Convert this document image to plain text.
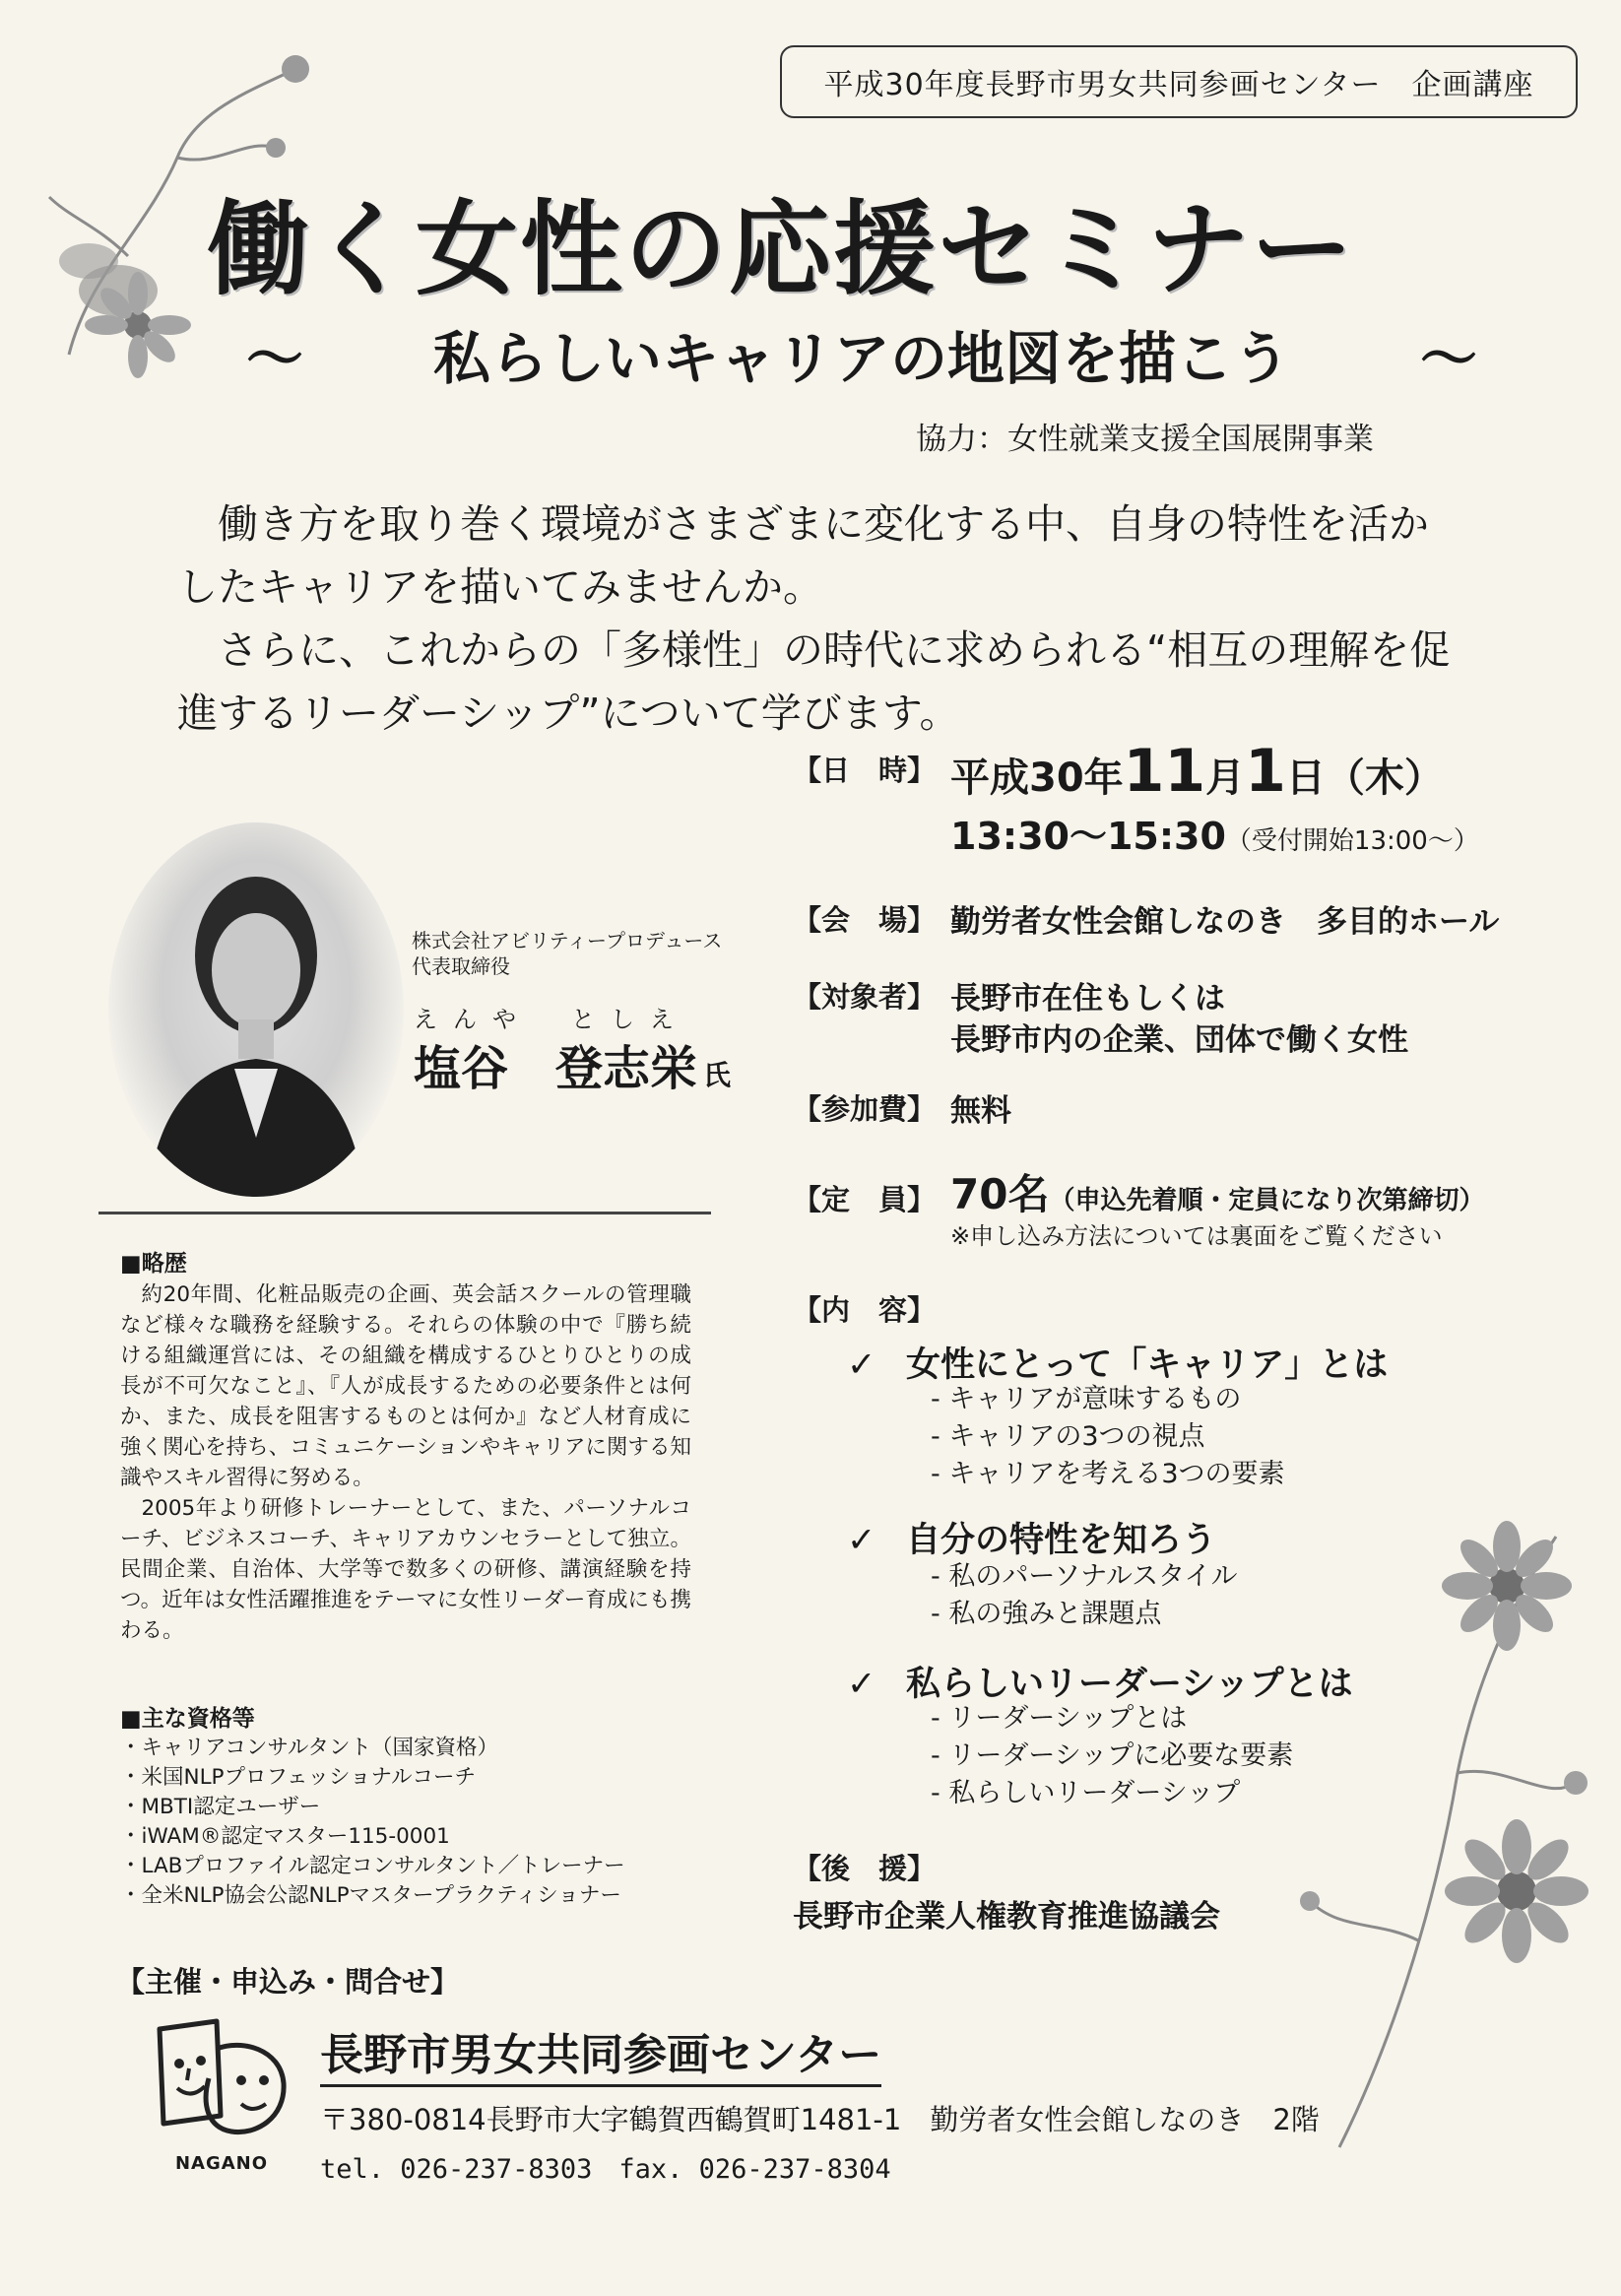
平成30年度長野市男女共同参画センター　企画講座
働く女性の応援セミナー
～ 私らしいキャリアの地図を描こう ～
協力：女性就業支援全国展開事業

働き方を取り巻く環境がさまざまに変化する中、自身の特性を活かしたキャリアを描いてみませんか。

さらに、これからの「多様性」の時代に求められる“相互の理解を促進するリーダーシップ”について学びます。

株式会社アビリティープロデュース
代表取締役
えんや　としえ
塩谷　登志栄 氏
■略歴

約20年間、化粧品販売の企画、英会話スクールの管理職など様々な職務を経験する。それらの体験の中で『勝ち続ける組織運営には、その組織を構成するひとりひとりの成長が不可欠なこと』、『人が成長するための必要条件とは何か、また、成長を阻害するものとは何か』など人材育成に強く関心を持ち、コミュニケーションやキャリアに関する知識やスキル習得に努める。

2005年より研修トレーナーとして、また、パーソナルコーチ、ビジネスコーチ、キャリアカウンセラーとして独立。民間企業、自治体、大学等で数多くの研修、講演経験を持つ。近年は女性活躍推進をテーマに女性リーダー育成にも携わる。

■主な資格等
・キャリアコンサルタント（国家資格）
・米国NLPプロフェッショナルコーチ
・MBTI認定ユーザー
・iWAM®認定マスター115-0001
・LABプロファイル認定コンサルタント／トレーナー
・全米NLP協会公認NLPマスタープラクティショナー
【日　時】 平成30年11月1日（木）
13:30〜15:30（受付開始13:00〜）
【会　場】 勤労者女性会館しなのき　多目的ホール
【対象者】 長野市在住もしくは
長野市内の企業、団体で働く女性
【参加費】 無料
【定　員】 70名（申込先着順・定員になり次第締切）
※申し込み方法については裏面をご覧ください
【内　容】
✓ 女性にとって「キャリア」とは
- キャリアが意味するもの
- キャリアの3つの視点
- キャリアを考える3つの要素
✓ 自分の特性を知ろう
- 私のパーソナルスタイル
- 私の強みと課題点
✓ 私らしいリーダーシップとは
- リーダーシップとは
- リーダーシップに必要な要素
- 私らしいリーダーシップ
【後　援】
長野市企業人権教育推進協議会
【主催・申込み・問合せ】
NAGANO
長野市男女共同参画センター
〒380-0814長野市大字鶴賀西鶴賀町1481-1　勤労者女性会館しなのき　2階
tel. 026-237-8303　fax. 026-237-8304
